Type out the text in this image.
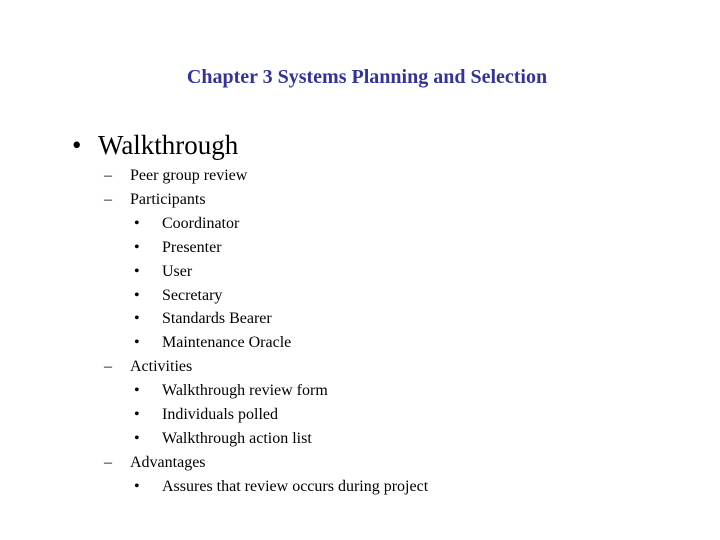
Chapter 3 Systems Planning and Selection
• Walkthrough
– Peer group review
– Participants
• Coordinator
• Presenter
• User
• Secretary
• Standards Bearer
• Maintenance Oracle
– Activities
• Walkthrough review form
• Individuals polled
• Walkthrough action list
– Advantages
• Assures that review occurs during project
